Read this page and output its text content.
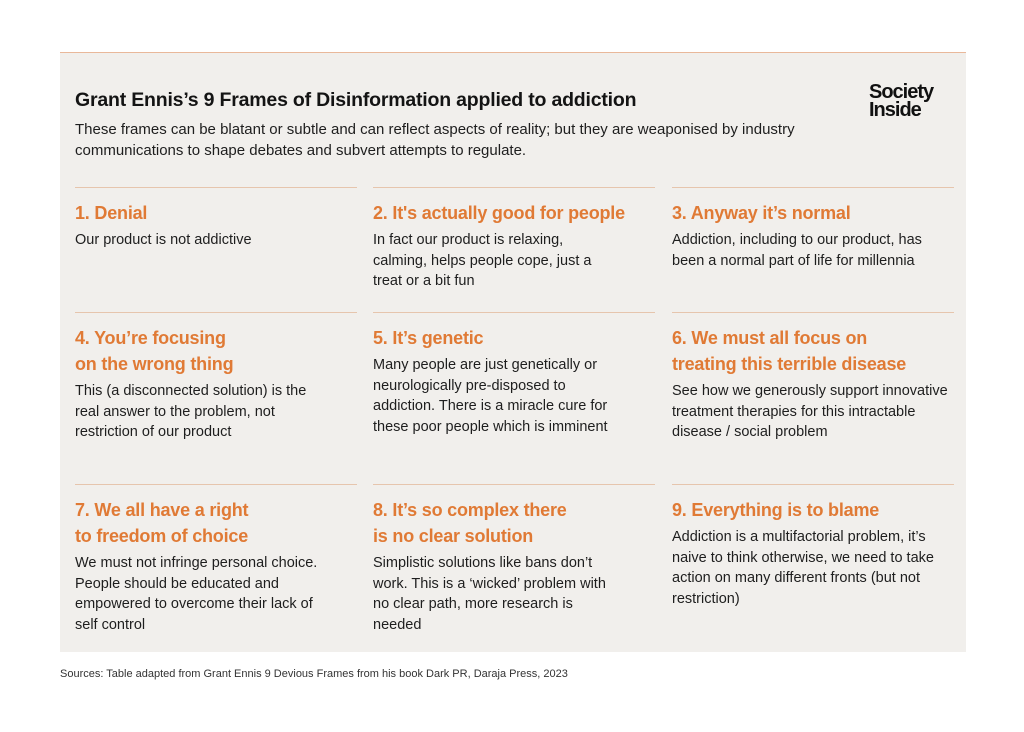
Grant Ennis’s 9 Frames of Disinformation applied to addiction
These frames can be blatant or subtle and can reflect aspects of reality; but they are weaponised by industry communications to shape debates and subvert attempts to regulate.
Society
Inside
1. Denial
Our product is not addictive
2. It's actually good for people
In fact our product is relaxing, calming, helps people cope, just a treat or a bit fun
3. Anyway it’s normal
Addiction, including to our product, has been a normal part of life for millennia
4. You’re focusing
on the wrong thing
This (a disconnected solution) is the real answer to the problem, not restriction of our product
5. It’s genetic
Many people are just genetically or neurologically pre-disposed to addiction. There is a miracle cure for these poor people which is imminent
6. We must all focus on
treating this terrible disease
See how we generously support innovative treatment therapies for this intractable disease / social problem
7. We all have a right
to freedom of choice
We must not infringe personal choice. People should be educated and empowered to overcome their lack of self control
8. It’s so complex there
is no clear solution
Simplistic solutions like bans don’t work. This is a ‘wicked’ problem with no clear path, more research is needed
9. Everything is to blame
Addiction is a multifactorial problem, it’s naive to think otherwise, we need to take action on many different fronts (but not restriction)
Sources: Table adapted from Grant Ennis 9 Devious Frames from his book Dark PR, Daraja Press, 2023
